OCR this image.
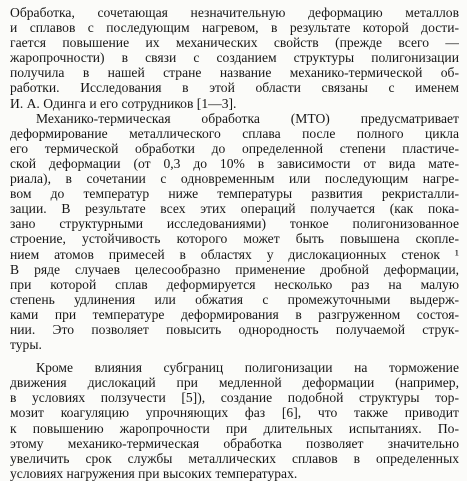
Обработка, сочетающая незначительную деформацию металлов
и сплавов с последующим нагревом, в результате которой дости-
гается повышение их механических свойств (прежде всего —
жаропрочности) в связи с созданием структуры полигонизации
получила в нашей стране название механико-термической об-
работки. Исследования в этой области связаны с именем
И. А. Одинга и его сотрудников [1—3].
Механико-термическая обработка (МТО) предусматривает
деформирование металлического сплава после полного цикла
его термической обработки до определенной степени пластиче-
ской деформации (от 0,3 до 10% в зависимости от вида мате-
риала), в сочетании с одновременным или последующим нагре-
вом до температур ниже температуры развития рекристалли-
зации. В результате всех этих операций получается (как пока-
зано структурными исследованиями) тонкое полигонизованное
строение, устойчивость которого может быть повышена скопле-
нием атомов примесей в областях у дислокационных стенок ¹
В ряде случаев целесообразно применение дробной деформации,
при которой сплав деформируется несколько раз на малую
степень удлинения или обжатия с промежуточными выдерж-
ками при температуре деформирования в разгруженном состоя-
нии. Это позволяет повысить однородность получаемой струк-
туры.
Кроме влияния субграниц полигонизации на торможение
движения дислокаций при медленной деформации (например,
в условиях ползучести [5]), создание подобной структуры тор-
мозит коагуляцию упрочняющих фаз [6], что также приводит
к повышению жаропрочности при длительных испытаниях. По-
этому механико-термическая обработка позволяет значительно
увеличить срок службы металлических сплавов в определенных
условиях нагружения при высоких температурах.
